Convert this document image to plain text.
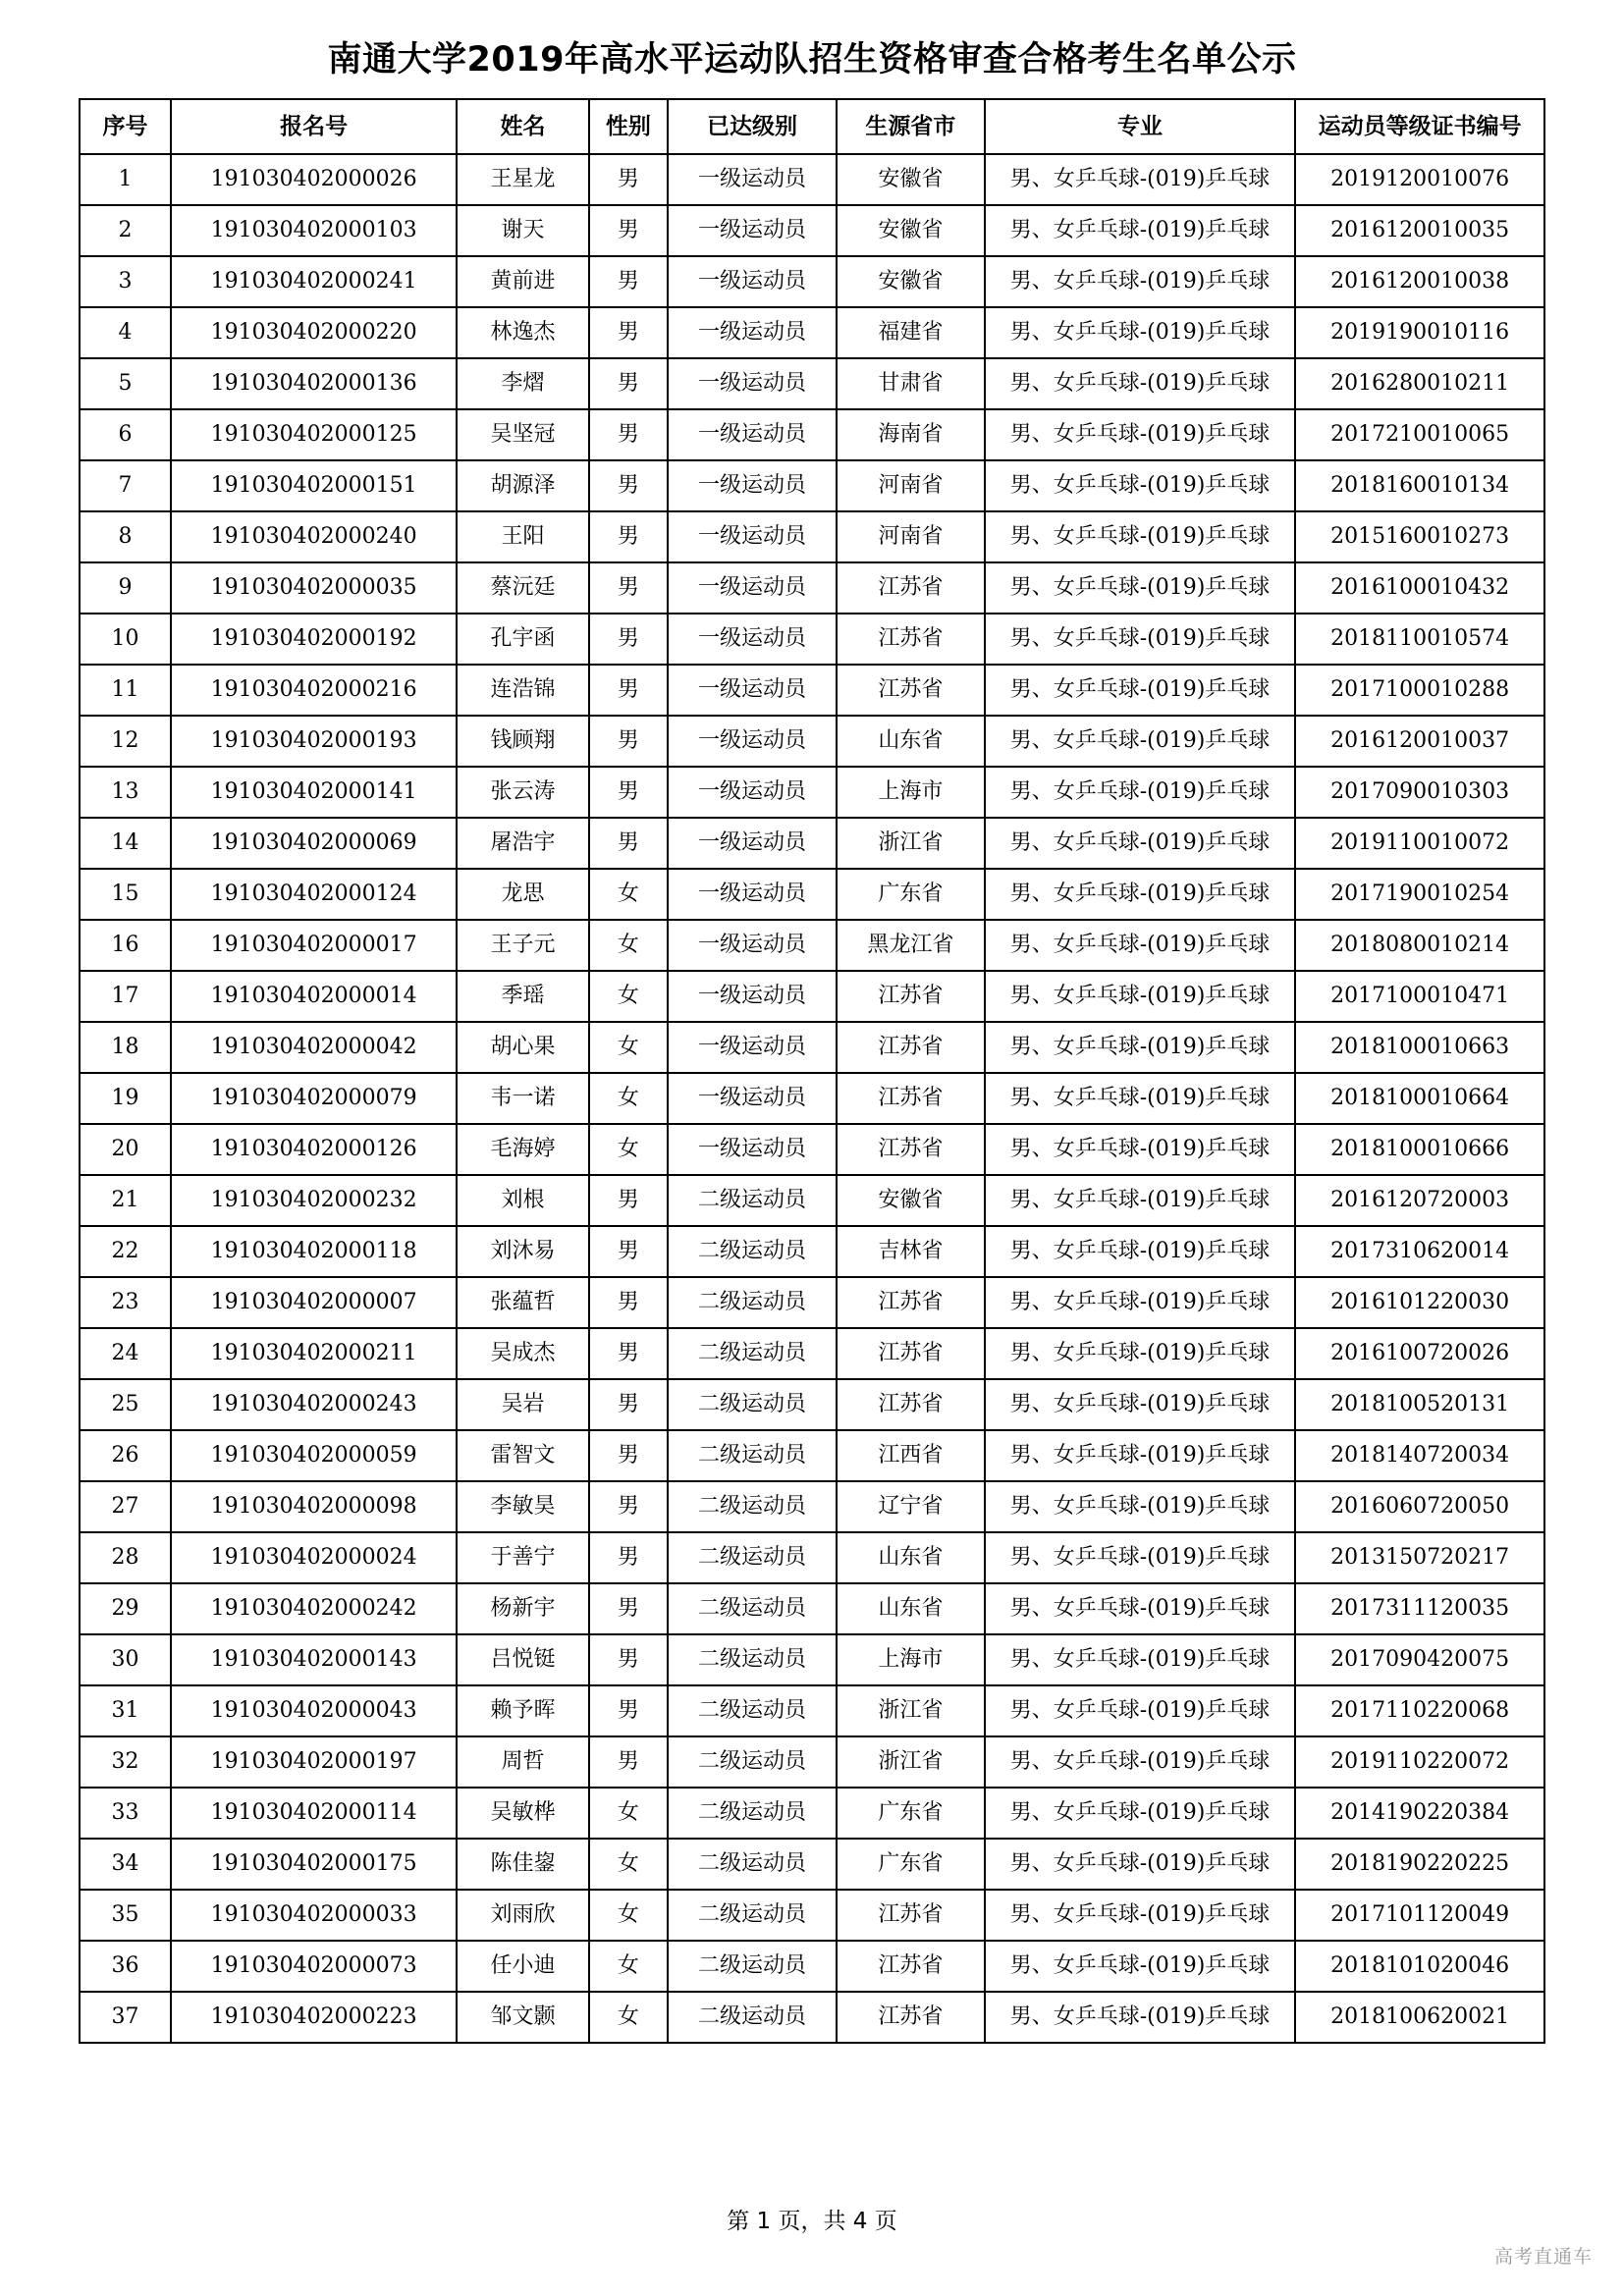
南通大学2019年高水平运动队招生资格审查合格考生名单公示
序号	报名号	姓名	性别	已达级别	生源省市	专业	运动员等级证书编号
1	191030402000026	王星龙	男	一级运动员	安徽省	男、女乒乓球-(019)乒乓球	2019120010076
2	191030402000103	谢天	男	一级运动员	安徽省	男、女乒乓球-(019)乒乓球	2016120010035
3	191030402000241	黄前进	男	一级运动员	安徽省	男、女乒乓球-(019)乒乓球	2016120010038
4	191030402000220	林逸杰	男	一级运动员	福建省	男、女乒乓球-(019)乒乓球	2019190010116
5	191030402000136	李熠	男	一级运动员	甘肃省	男、女乒乓球-(019)乒乓球	2016280010211
6	191030402000125	吴坚冠	男	一级运动员	海南省	男、女乒乓球-(019)乒乓球	2017210010065
7	191030402000151	胡源泽	男	一级运动员	河南省	男、女乒乓球-(019)乒乓球	2018160010134
8	191030402000240	王阳	男	一级运动员	河南省	男、女乒乓球-(019)乒乓球	2015160010273
9	191030402000035	蔡沅廷	男	一级运动员	江苏省	男、女乒乓球-(019)乒乓球	2016100010432
10	191030402000192	孔宇函	男	一级运动员	江苏省	男、女乒乓球-(019)乒乓球	2018110010574
11	191030402000216	连浩锦	男	一级运动员	江苏省	男、女乒乓球-(019)乒乓球	2017100010288
12	191030402000193	钱顾翔	男	一级运动员	山东省	男、女乒乓球-(019)乒乓球	2016120010037
13	191030402000141	张云涛	男	一级运动员	上海市	男、女乒乓球-(019)乒乓球	2017090010303
14	191030402000069	屠浩宇	男	一级运动员	浙江省	男、女乒乓球-(019)乒乓球	2019110010072
15	191030402000124	龙思	女	一级运动员	广东省	男、女乒乓球-(019)乒乓球	2017190010254
16	191030402000017	王子元	女	一级运动员	黑龙江省	男、女乒乓球-(019)乒乓球	2018080010214
17	191030402000014	季瑶	女	一级运动员	江苏省	男、女乒乓球-(019)乒乓球	2017100010471
18	191030402000042	胡心果	女	一级运动员	江苏省	男、女乒乓球-(019)乒乓球	2018100010663
19	191030402000079	韦一诺	女	一级运动员	江苏省	男、女乒乓球-(019)乒乓球	2018100010664
20	191030402000126	毛海婷	女	一级运动员	江苏省	男、女乒乓球-(019)乒乓球	2018100010666
21	191030402000232	刘根	男	二级运动员	安徽省	男、女乒乓球-(019)乒乓球	2016120720003
22	191030402000118	刘沐易	男	二级运动员	吉林省	男、女乒乓球-(019)乒乓球	2017310620014
23	191030402000007	张蕴哲	男	二级运动员	江苏省	男、女乒乓球-(019)乒乓球	2016101220030
24	191030402000211	吴成杰	男	二级运动员	江苏省	男、女乒乓球-(019)乒乓球	2016100720026
25	191030402000243	吴岩	男	二级运动员	江苏省	男、女乒乓球-(019)乒乓球	2018100520131
26	191030402000059	雷智文	男	二级运动员	江西省	男、女乒乓球-(019)乒乓球	2018140720034
27	191030402000098	李敏昊	男	二级运动员	辽宁省	男、女乒乓球-(019)乒乓球	2016060720050
28	191030402000024	于善宁	男	二级运动员	山东省	男、女乒乓球-(019)乒乓球	2013150720217
29	191030402000242	杨新宇	男	二级运动员	山东省	男、女乒乓球-(019)乒乓球	2017311120035
30	191030402000143	吕悦铤	男	二级运动员	上海市	男、女乒乓球-(019)乒乓球	2017090420075
31	191030402000043	赖予晖	男	二级运动员	浙江省	男、女乒乓球-(019)乒乓球	2017110220068
32	191030402000197	周哲	男	二级运动员	浙江省	男、女乒乓球-(019)乒乓球	2019110220072
33	191030402000114	吴敏桦	女	二级运动员	广东省	男、女乒乓球-(019)乒乓球	2014190220384
34	191030402000175	陈佳鋆	女	二级运动员	广东省	男、女乒乓球-(019)乒乓球	2018190220225
35	191030402000033	刘雨欣	女	二级运动员	江苏省	男、女乒乓球-(019)乒乓球	2017101120049
36	191030402000073	任小迪	女	二级运动员	江苏省	男、女乒乓球-(019)乒乓球	2018101020046
37	191030402000223	邹文颢	女	二级运动员	江苏省	男、女乒乓球-(019)乒乓球	2018100620021
第 1 页，共 4 页
高考直通车
